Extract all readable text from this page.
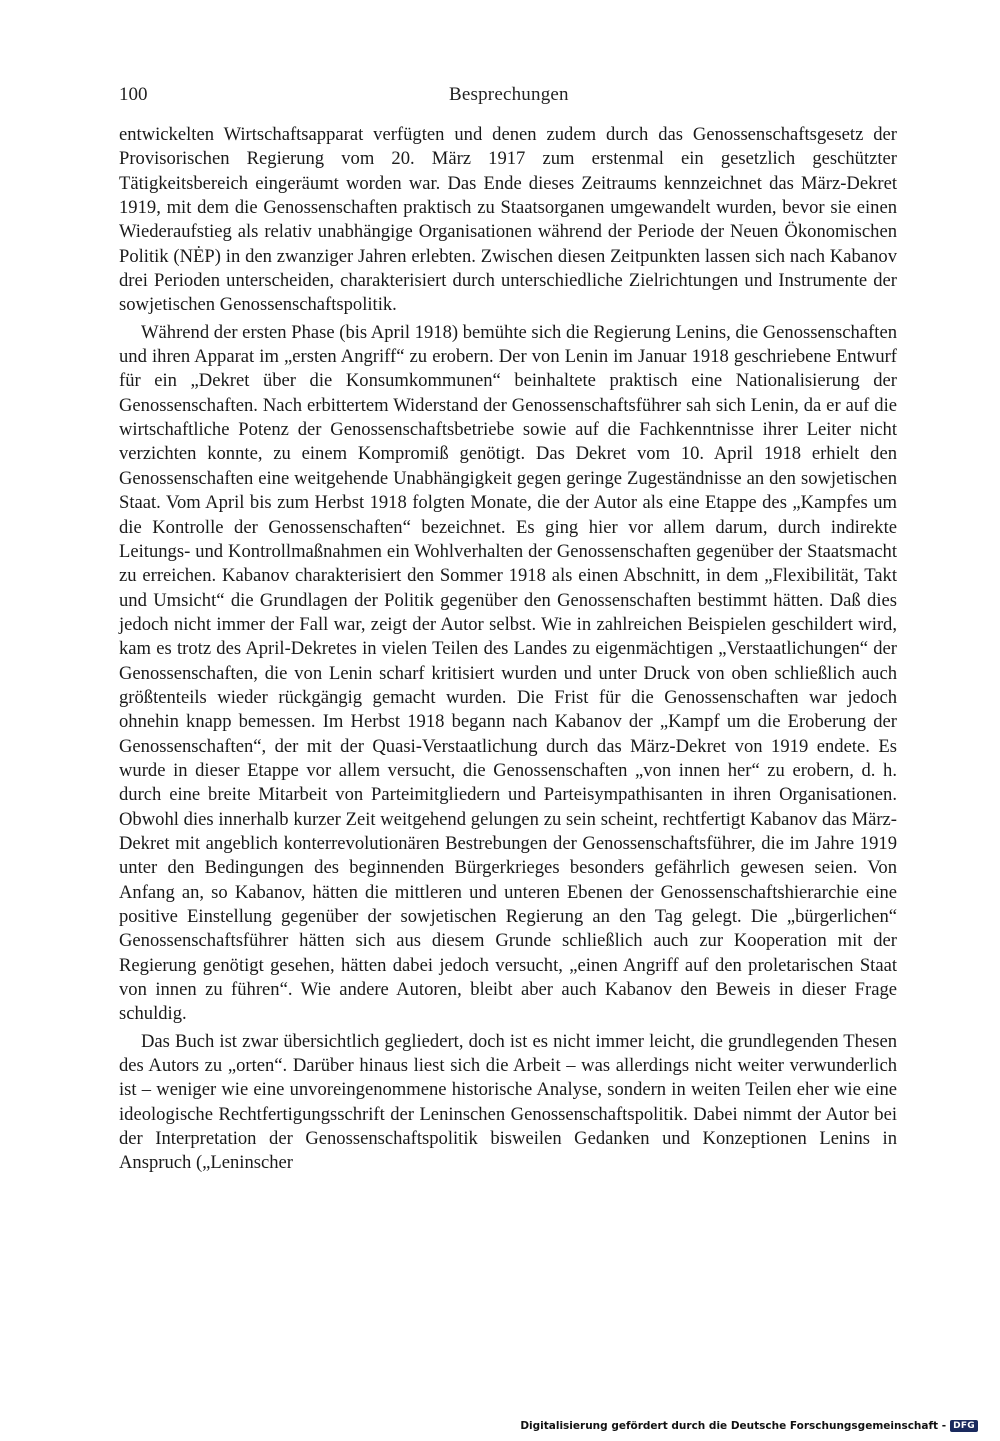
100	Besprechungen

entwickelten Wirtschaftsapparat verfügten und denen zudem durch das Genossenschaftsgesetz der Provisorischen Regierung vom 20. März 1917 zum erstenmal ein gesetzlich geschützter Tätigkeitsbereich eingeräumt worden war. Das Ende dieses Zeitraums kennzeichnet das März-Dekret 1919, mit dem die Genossenschaften praktisch zu Staatsorganen umgewandelt wurden, bevor sie einen Wiederaufstieg als relativ unabhängige Organisationen während der Periode der Neuen Ökonomischen Politik (NĖP) in den zwanziger Jahren erlebten. Zwischen diesen Zeitpunkten lassen sich nach Kabanov drei Perioden unterscheiden, charakterisiert durch unterschiedliche Zielrichtungen und Instrumente der sowjetischen Genossenschaftspolitik.

Während der ersten Phase (bis April 1918) bemühte sich die Regierung Lenins, die Genossenschaften und ihren Apparat im „ersten Angriff“ zu erobern. Der von Lenin im Januar 1918 geschriebene Entwurf für ein „Dekret über die Konsumkommunen“ beinhaltete praktisch eine Nationalisierung der Genossenschaften. Nach erbittertem Widerstand der Genossenschaftsführer sah sich Lenin, da er auf die wirtschaftliche Potenz der Genossenschaftsbetriebe sowie auf die Fachkenntnisse ihrer Leiter nicht verzichten konnte, zu einem Kompromiß genötigt. Das Dekret vom 10. April 1918 erhielt den Genossenschaften eine weitgehende Unabhängigkeit gegen geringe Zugeständnisse an den sowjetischen Staat. Vom April bis zum Herbst 1918 folgten Monate, die der Autor als eine Etappe des „Kampfes um die Kontrolle der Genossenschaften“ bezeichnet. Es ging hier vor allem darum, durch indirekte Leitungs- und Kontrollmaßnahmen ein Wohlverhalten der Genossenschaften gegenüber der Staatsmacht zu erreichen. Kabanov charakterisiert den Sommer 1918 als einen Abschnitt, in dem „Flexibilität, Takt und Umsicht“ die Grundlagen der Politik gegenüber den Genossenschaften bestimmt hätten. Daß dies jedoch nicht immer der Fall war, zeigt der Autor selbst. Wie in zahlreichen Beispielen geschildert wird, kam es trotz des April-Dekretes in vielen Teilen des Landes zu eigenmächtigen „Verstaatlichungen“ der Genossenschaften, die von Lenin scharf kritisiert wurden und unter Druck von oben schließlich auch größtenteils wieder rückgängig gemacht wurden. Die Frist für die Genossenschaften war jedoch ohnehin knapp bemessen. Im Herbst 1918 begann nach Kabanov der „Kampf um die Eroberung der Genossenschaften“, der mit der Quasi-Verstaatlichung durch das März-Dekret von 1919 endete. Es wurde in dieser Etappe vor allem versucht, die Genossenschaften „von innen her“ zu erobern, d. h. durch eine breite Mitarbeit von Parteimitgliedern und Parteisympathisanten in ihren Organisationen. Obwohl dies innerhalb kurzer Zeit weitgehend gelungen zu sein scheint, rechtfertigt Kabanov das März-Dekret mit angeblich konterrevolutionären Bestrebungen der Genossenschaftsführer, die im Jahre 1919 unter den Bedingungen des beginnenden Bürgerkrieges besonders gefährlich gewesen seien. Von Anfang an, so Kabanov, hätten die mittleren und unteren Ebenen der Genossenschaftshierarchie eine positive Einstellung gegenüber der sowjetischen Regierung an den Tag gelegt. Die „bürgerlichen“ Genossenschaftsführer hätten sich aus diesem Grunde schließlich auch zur Kooperation mit der Regierung genötigt gesehen, hätten dabei jedoch versucht, „einen Angriff auf den proletarischen Staat von innen zu führen“. Wie andere Autoren, bleibt aber auch Kabanov den Beweis in dieser Frage schuldig.

Das Buch ist zwar übersichtlich gegliedert, doch ist es nicht immer leicht, die grundlegenden Thesen des Autors zu „orten“. Darüber hinaus liest sich die Arbeit – was allerdings nicht weiter verwunderlich ist – weniger wie eine unvoreingenommene historische Analyse, sondern in weiten Teilen eher wie eine ideologische Rechtfertigungsschrift der Leninschen Genossenschaftspolitik. Dabei nimmt der Autor bei der Interpretation der Genossenschaftspolitik bisweilen Gedanken und Konzeptionen Lenins in Anspruch („Leninscher

Digitalisierung gefördert durch die Deutsche Forschungsgemeinschaft - DFG
